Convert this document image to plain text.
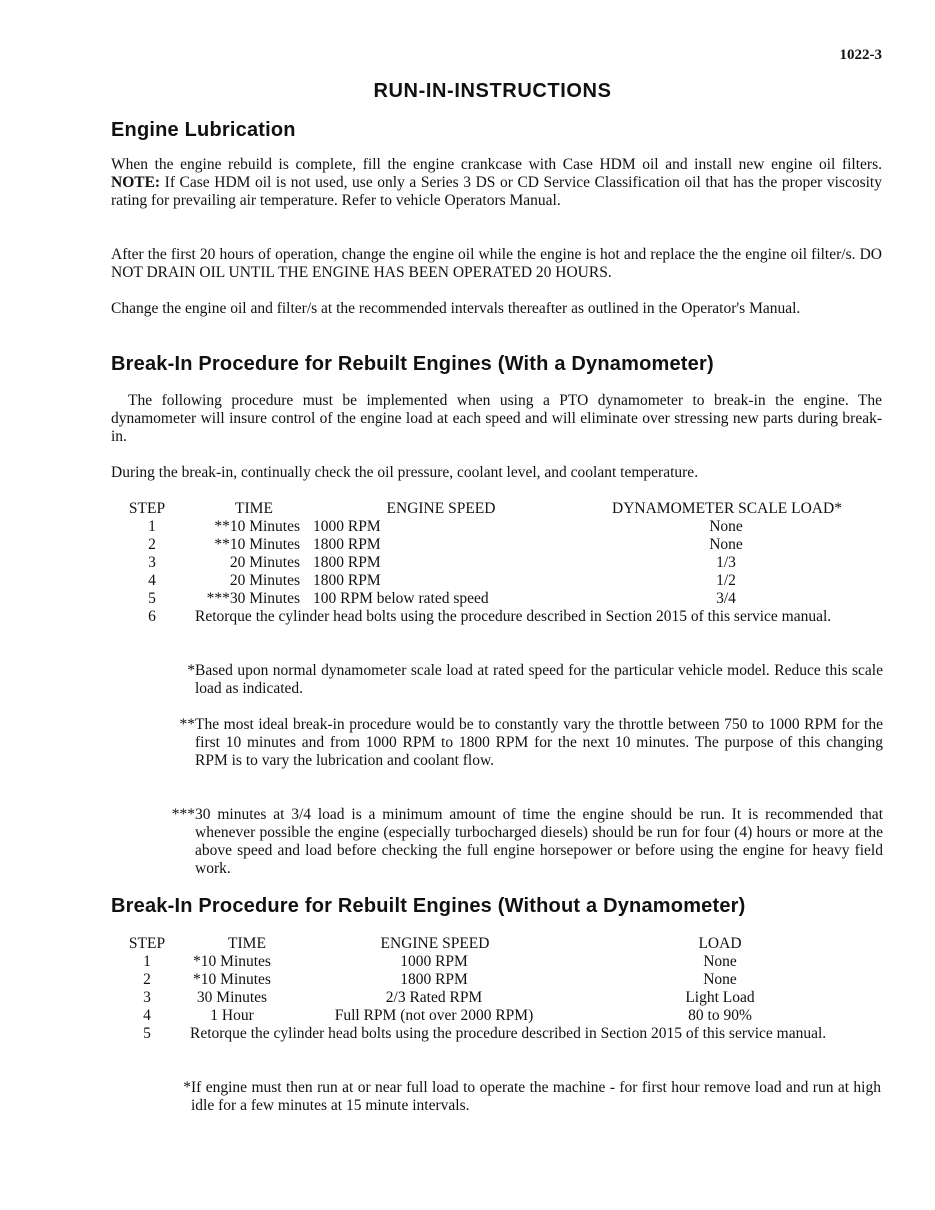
1022-3
RUN-IN-INSTRUCTIONS
Engine Lubrication
When the engine rebuild is complete, fill the engine crankcase with Case HDM oil and install new engine oil filters. NOTE: If Case HDM oil is not used, use only a Series 3 DS or CD Service Classification oil that has the proper viscosity rating for prevailing air temperature. Refer to vehicle Operators Manual.
After the first 20 hours of operation, change the engine oil while the engine is hot and replace the the engine oil filter/s. DO NOT DRAIN OIL UNTIL THE ENGINE HAS BEEN OPERATED 20 HOURS.
Change the engine oil and filter/s at the recommended intervals thereafter as outlined in the Operator's Manual.
Break-In Procedure for Rebuilt Engines (With a Dynamometer)
The following procedure must be implemented when using a PTO dynamometer to break-in the engine. The dynamometer will insure control of the engine load at each speed and will eliminate over stressing new parts during break-in.
During the break-in, continually check the oil pressure, coolant level, and coolant temperature.
STEP	TIME	ENGINE SPEED	DYNAMOMETER SCALE LOAD*
1	**10 Minutes 1000 RPM	None
2	**10 Minutes 1800 RPM	None
3	20 Minutes 1800 RPM	1/3
4	20 Minutes 1800 RPM	1/2
5	***30 Minutes 100 RPM below rated speed	3/4
6	Retorque the cylinder head bolts using the procedure described in Section 2015 of this service manual.
* Based upon normal dynamometer scale load at rated speed for the particular vehicle model. Reduce this scale load as indicated.
** The most ideal break-in procedure would be to constantly vary the throttle between 750 to 1000 RPM for the first 10 minutes and from 1000 RPM to 1800 RPM for the next 10 minutes. The purpose of this changing RPM is to vary the lubrication and coolant flow.
*** 30 minutes at 3/4 load is a minimum amount of time the engine should be run. It is recommended that whenever possible the engine (especially turbocharged diesels) should be run for four (4) hours or more at the above speed and load before checking the full engine horsepower or before using the engine for heavy field work.
Break-In Procedure for Rebuilt Engines (Without a Dynamometer)
STEP	TIME	ENGINE SPEED	LOAD
1	*10 Minutes	1000 RPM	None
2	*10 Minutes	1800 RPM	None
3	30 Minutes	2/3 Rated RPM	Light Load
4	1 Hour	Full RPM (not over 2000 RPM)	80 to 90%
5	Retorque the cylinder head bolts using the procedure described in Section 2015 of this service manual.
* If engine must then run at or near full load to operate the machine - for first hour remove load and run at high idle for a few minutes at 15 minute intervals.
